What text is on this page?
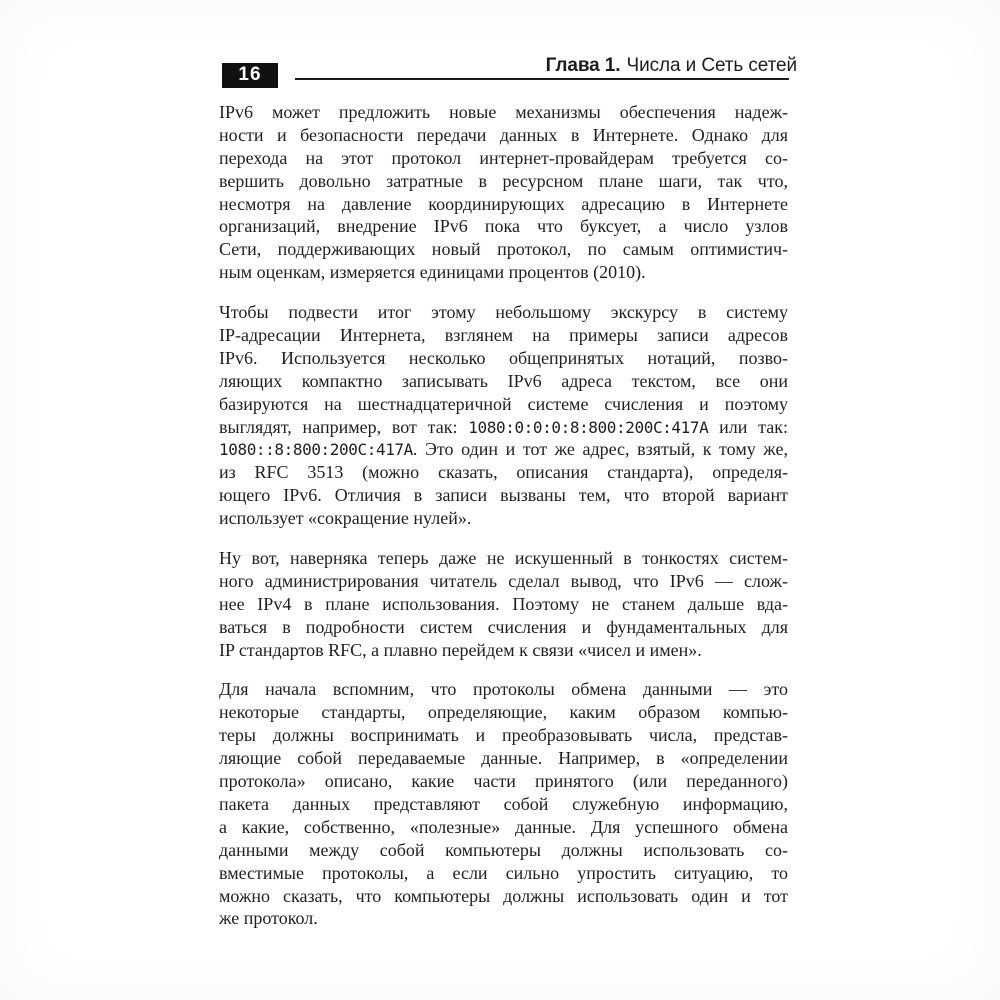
16	Глава 1. Числа и Сеть сетей
IPv6 может предложить новые механизмы обеспечения надеж-
ности и безопасности передачи данных в Интернете. Однако для
перехода на этот протокол интернет-провайдерам требуется со-
вершить довольно затратные в ресурсном плане шаги, так что,
несмотря на давление координирующих адресацию в Интернете
организаций, внедрение IPv6 пока что буксует, а число узлов
Сети, поддерживающих новый протокол, по самым оптимистич-
ным оценкам, измеряется единицами процентов (2010).
Чтобы подвести итог этому небольшому экскурсу в систему
IP-адресации Интернета, взглянем на примеры записи адресов
IPv6. Используется несколько общепринятых нотаций, позво-
ляющих компактно записывать IPv6 адреса текстом, все они
базируются на шестнадцатеричной системе счисления и поэтому
выглядят, например, вот так: 1080:0:0:0:8:800:200C:417A или так:
1080::8:800:200C:417A. Это один и тот же адрес, взятый, к тому же,
из RFC 3513 (можно сказать, описания стандарта), определя-
ющего IPv6. Отличия в записи вызваны тем, что второй вариант
использует «сокращение нулей».
Ну вот, наверняка теперь даже не искушенный в тонкостях систем-
ного администрирования читатель сделал вывод, что IPv6 — слож-
нее IPv4 в плане использования. Поэтому не станем дальше вда-
ваться в подробности систем счисления и фундаментальных для
IP стандартов RFC, а плавно перейдем к связи «чисел и имен».
Для начала вспомним, что протоколы обмена данными — это
некоторые стандарты, определяющие, каким образом компью-
теры должны воспринимать и преобразовывать числа, представ-
ляющие собой передаваемые данные. Например, в «определении
протокола» описано, какие части принятого (или переданного)
пакета данных представляют собой служебную информацию,
а какие, собственно, «полезные» данные. Для успешного обмена
данными между собой компьютеры должны использовать со-
вместимые протоколы, а если сильно упростить ситуацию, то
можно сказать, что компьютеры должны использовать один и тот
же протокол.
